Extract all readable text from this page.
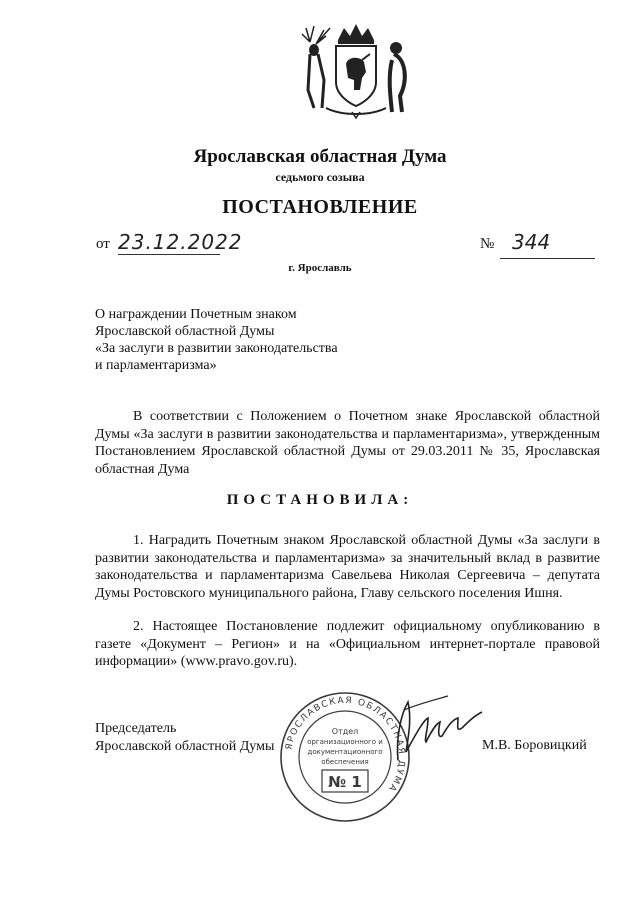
Ярославская областная Дума
седьмого созыва
ПОСТАНОВЛЕНИЕ
от 23.12.2022	№ 344
г. Ярославль
О награждении Почетным знаком
Ярославской областной Думы
«За заслуги в развитии законодательства
и парламентаризма»
В соответствии с Положением о Почетном знаке Ярославской областной Думы «За заслуги в развитии законодательства и парламентаризма», утвержденным Постановлением Ярославской областной Думы от 29.03.2011 № 35, Ярославская областная Дума
ПОСТАНОВИЛА:
1. Наградить Почетным знаком Ярославской областной Думы «За заслуги в развитии законодательства и парламентаризма» за значительный вклад в развитие законодательства и парламентаризма Савельева Николая Сергеевича – депутата Думы Ростовского муниципального района, Главу сельского поселения Ишня.
2. Настоящее Постановление подлежит официальному опубликованию в газете «Документ – Регион» и на «Официальном интернет-портале правовой информации» (www.pravo.gov.ru).
Председатель
Ярославской областной Думы	М.В. Боровицкий
ЯРОСЛАВСКАЯ ОБЛАСТНАЯ ДУМА
Отдел
организационного и
документационного
обеспечения
№ 1
